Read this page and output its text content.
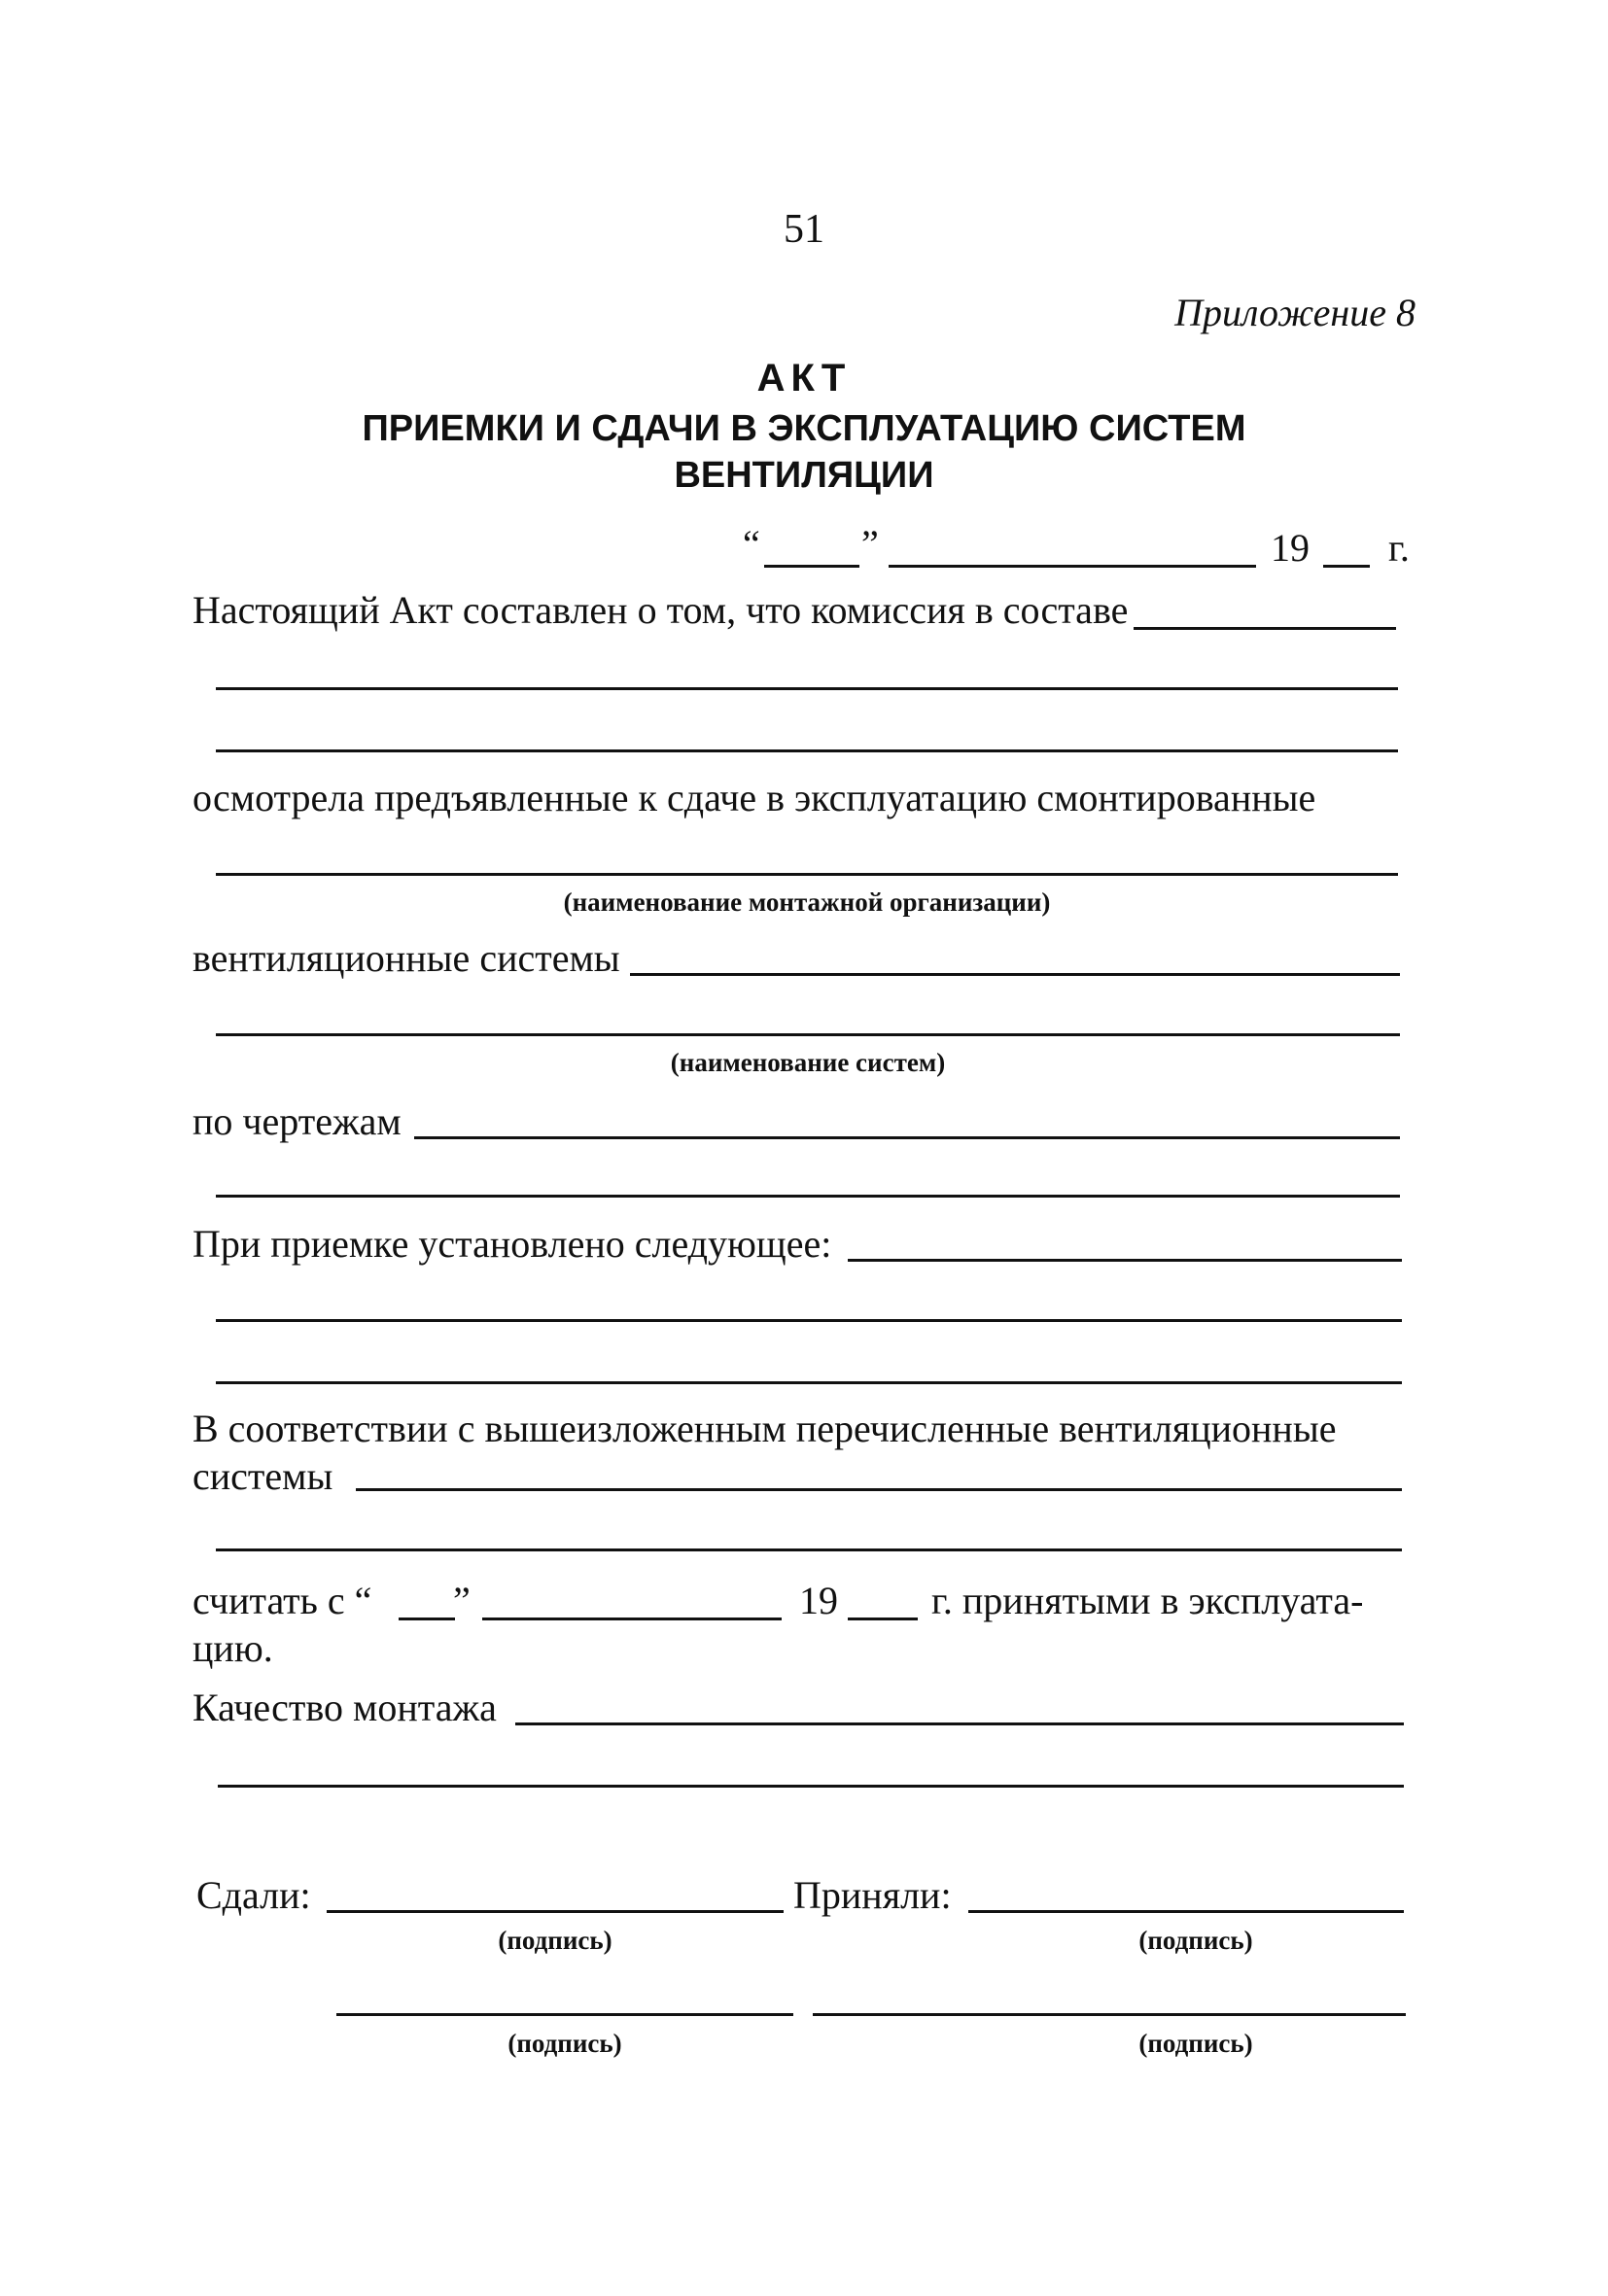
51
Приложение 8
АКТ
ПРИЕМКИ И СДАЧИ В ЭКСПЛУАТАЦИЮ СИСТЕМ
ВЕНТИЛЯЦИИ
“	”	19 г.
Настоящий Акт составлен о том, что комиссия в составе
осмотрела предъявленные к сдаче в эксплуатацию смонтированные
(наименование монтажной организации)
вентиляционные системы
(наименование систем)
по чертежам
При приемке установлено следующее:
В соответствии с вышеизложенным перечисленные вентиляционные
системы
считать с “ ”	19 г. принятыми в эксплуата-
цию.
Качество монтажа
Сдали:	Приняли:
(подпись)	(подпись)
(подпись)	(подпись)
